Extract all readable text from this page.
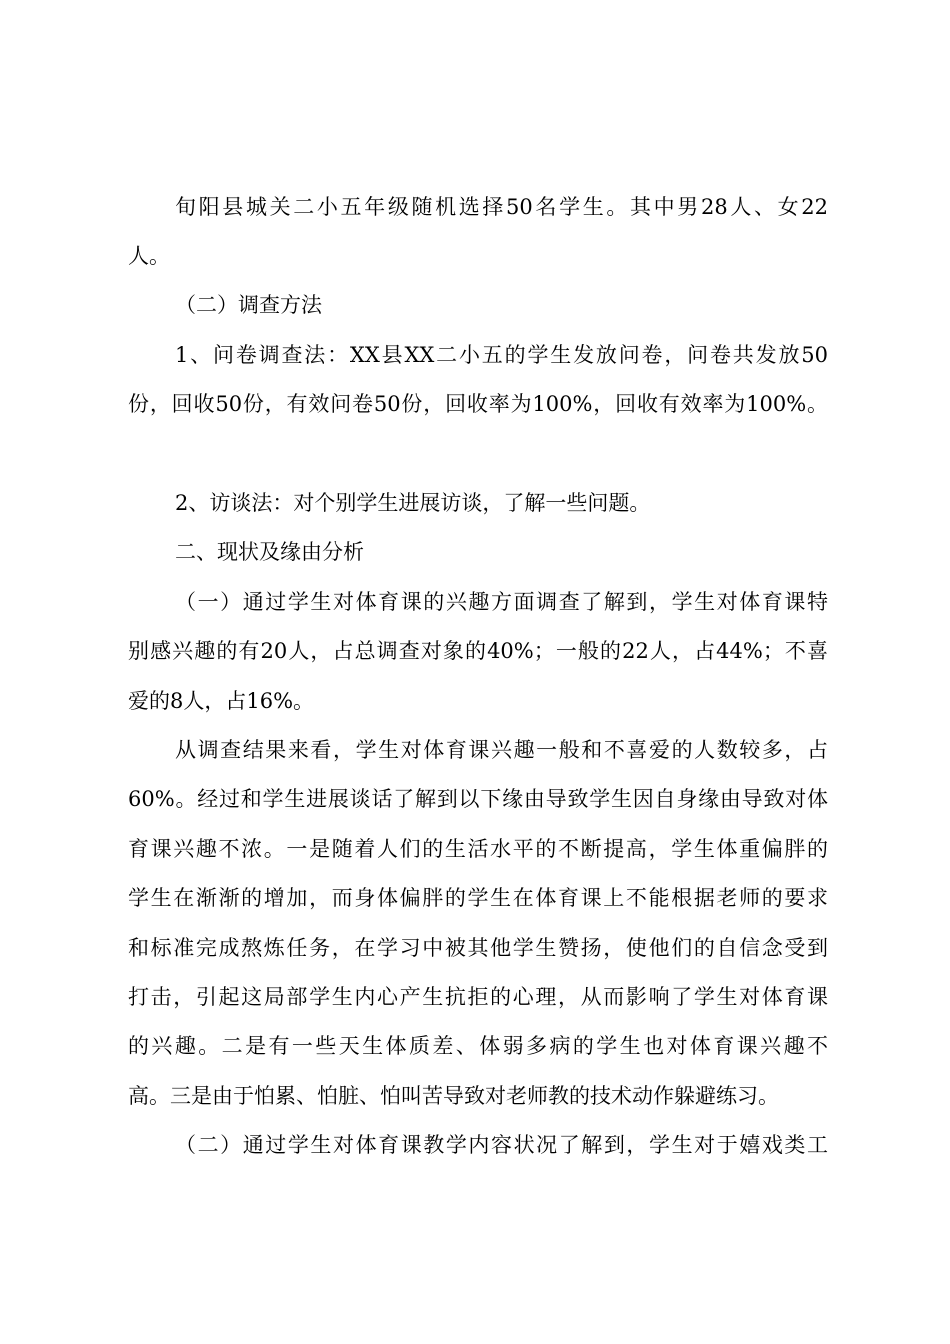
旬阳县城关二小五年级随机选择50名学生。其中男28人、女22
人。
（二）调查方法
1、问卷调查法：XX县XX二小五的学生发放问卷，问卷共发放50
份，回收50份，有效问卷50份，回收率为100%，回收有效率为100%。
2、访谈法：对个别学生进展访谈，了解一些问题。
二、现状及缘由分析
（一）通过学生对体育课的兴趣方面调查了解到，学生对体育课特
别感兴趣的有20人，占总调查对象的40%；一般的22人，占44%；不喜
爱的8人，占16%。
从调查结果来看，学生对体育课兴趣一般和不喜爱的人数较多，占
60%。经过和学生进展谈话了解到以下缘由导致学生因自身缘由导致对体
育课兴趣不浓。一是随着人们的生活水平的不断提高，学生体重偏胖的
学生在渐渐的增加，而身体偏胖的学生在体育课上不能根据老师的要求
和标准完成熬炼任务，在学习中被其他学生赞扬，使他们的自信念受到
打击，引起这局部学生内心产生抗拒的心理，从而影响了学生对体育课
的兴趣。二是有一些天生体质差、体弱多病的学生也对体育课兴趣不
高。三是由于怕累、怕脏、怕叫苦导致对老师教的技术动作躲避练习。
（二）通过学生对体育课教学内容状况了解到，学生对于嬉戏类工
